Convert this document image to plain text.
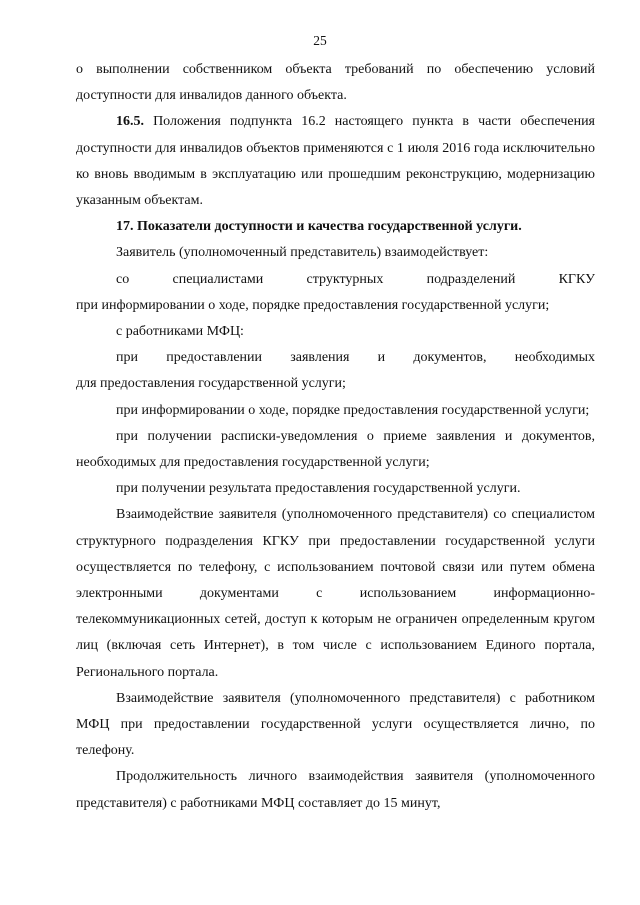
25

о выполнении собственником объекта требований по обеспечению условий доступности для инвалидов данного объекта.

16.5. Положения подпункта 16.2 настоящего пункта в части обеспечения доступности для инвалидов объектов применяются с 1 июля 2016 года исключительно ко вновь вводимым в эксплуатацию или прошедшим реконструкцию, модернизацию указанным объектам.

17. Показатели доступности и качества государственной услуги.

Заявитель (уполномоченный представитель) взаимодействует:

со специалистами структурных подразделений КГКУ

при информировании о ходе, порядке предоставления государственной услуги;

с работниками МФЦ:

при предоставлении заявления и документов, необходимых

для предоставления государственной услуги;

при информировании о ходе, порядке предоставления государственной услуги;

при получении расписки-уведомления о приеме заявления и документов, необходимых для предоставления государственной услуги;

при получении результата предоставления государственной услуги.

Взаимодействие заявителя (уполномоченного представителя) со специалистом структурного подразделения КГКУ при предоставлении государственной услуги осуществляется по телефону, с использованием почтовой связи или путем обмена электронными документами с использованием информационно-телекоммуникационных сетей, доступ к которым не ограничен определенным кругом лиц (включая сеть Интернет), в том числе с использованием Единого портала, Регионального портала.

Взаимодействие заявителя (уполномоченного представителя) с работником МФЦ при предоставлении государственной услуги осуществляется лично, по телефону.

Продолжительность личного взаимодействия заявителя (уполномоченного представителя) с работниками МФЦ составляет до 15 минут,
